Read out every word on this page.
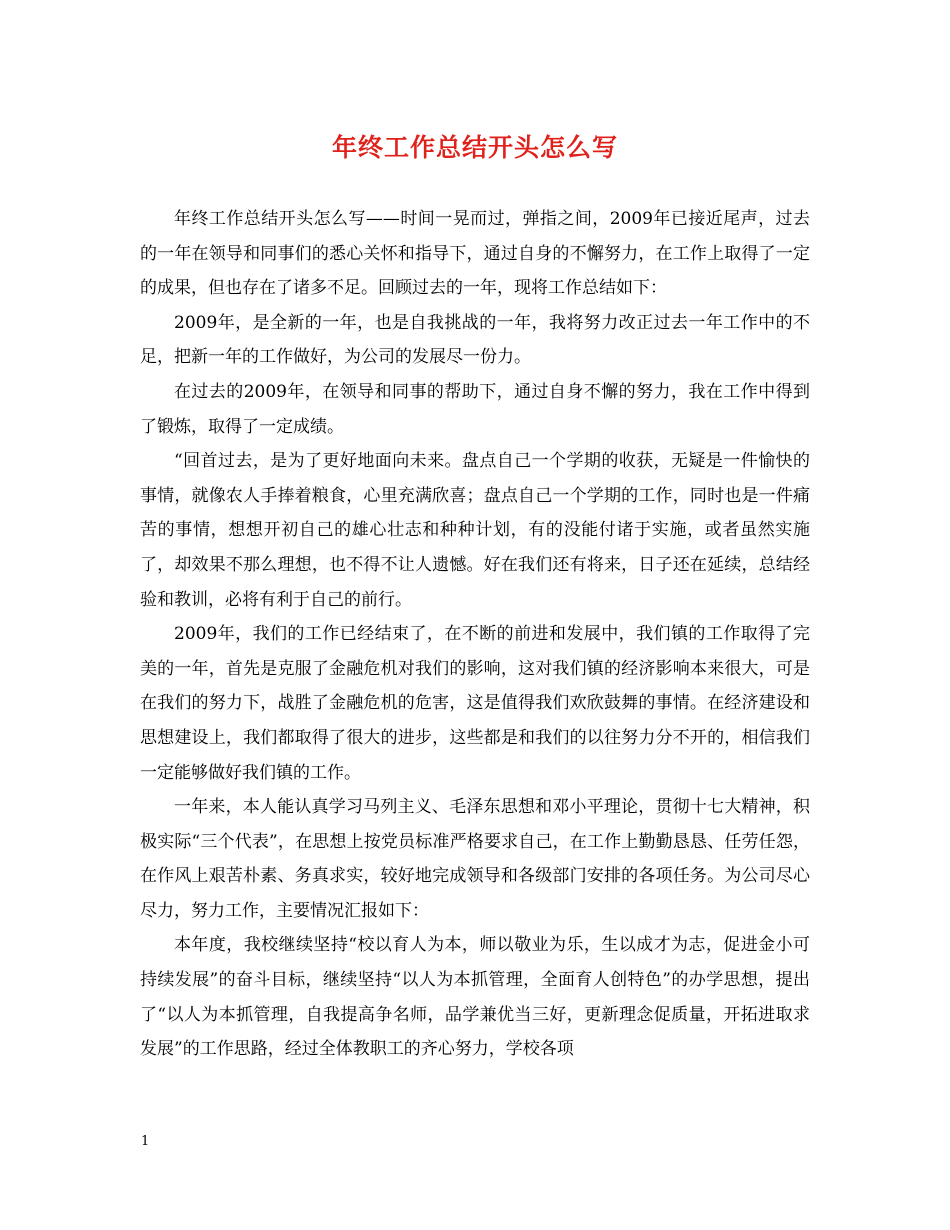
年终工作总结开头怎么写

年终工作总结开头怎么写——时间一晃而过，弹指之间，2009年已接近尾声，过去的一年在领导和同事们的悉心关怀和指导下，通过自身的不懈努力，在工作上取得了一定的成果，但也存在了诸多不足。回顾过去的一年，现将工作总结如下：

2009年，是全新的一年，也是自我挑战的一年，我将努力改正过去一年工作中的不足，把新一年的工作做好，为公司的发展尽一份力。

在过去的2009年，在领导和同事的帮助下，通过自身不懈的努力，我在工作中得到了锻炼，取得了一定成绩。

“回首过去，是为了更好地面向未来。盘点自己一个学期的收获，无疑是一件愉快的事情，就像农人手捧着粮食，心里充满欣喜；盘点自己一个学期的工作，同时也是一件痛苦的事情，想想开初自己的雄心壮志和种种计划，有的没能付诸于实施，或者虽然实施了，却效果不那么理想，也不得不让人遗憾。好在我们还有将来，日子还在延续，总结经验和教训，必将有利于自己的前行。

2009年，我们的工作已经结束了，在不断的前进和发展中，我们镇的工作取得了完美的一年，首先是克服了金融危机对我们的影响，这对我们镇的经济影响本来很大，可是在我们的努力下，战胜了金融危机的危害，这是值得我们欢欣鼓舞的事情。在经济建设和思想建设上，我们都取得了很大的进步，这些都是和我们的以往努力分不开的，相信我们一定能够做好我们镇的工作。

一年来，本人能认真学习马列主义、毛泽东思想和邓小平理论，贯彻十七大精神，积极实际“三个代表”，在思想上按党员标准严格要求自己，在工作上勤勤恳恳、任劳任怨，在作风上艰苦朴素、务真求实，较好地完成领导和各级部门安排的各项任务。为公司尽心尽力，努力工作，主要情况汇报如下：

本年度，我校继续坚持“校以育人为本，师以敬业为乐，生以成才为志，促进金小可持续发展”的奋斗目标，继续坚持“以人为本抓管理，全面育人创特色”的办学思想，提出了“以人为本抓管理，自我提高争名师，品学兼优当三好，更新理念促质量，开拓进取求发展”的工作思路，经过全体教职工的齐心努力，学校各项

1
